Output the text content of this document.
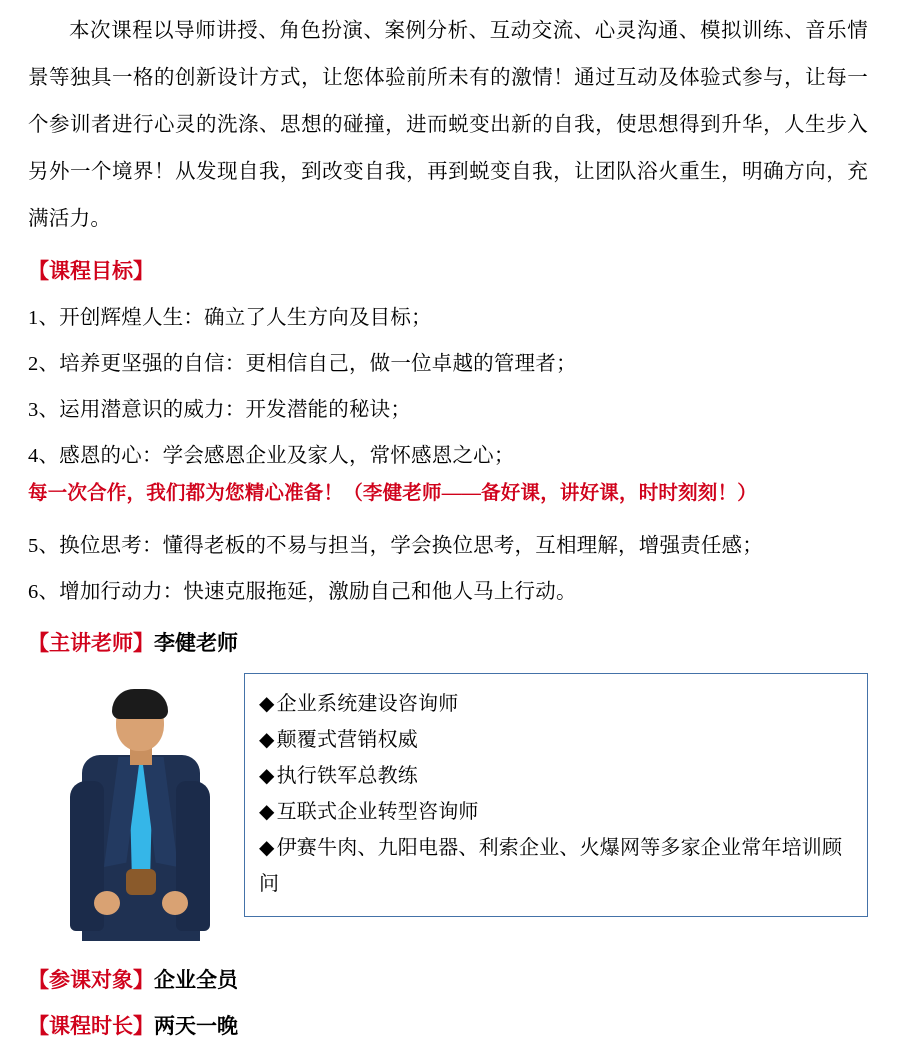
本次课程以导师讲授、角色扮演、案例分析、互动交流、心灵沟通、模拟训练、音乐情景等独具一格的创新设计方式，让您体验前所未有的激情！通过互动及体验式参与，让每一个参训者进行心灵的洗涤、思想的碰撞，进而蜕变出新的自我，使思想得到升华，人生步入另外一个境界！从发现自我，到改变自我，再到蜕变自我，让团队浴火重生，明确方向，充满活力。

【课程目标】

1、开创辉煌人生：确立了人生方向及目标；

2、培养更坚强的自信：更相信自己，做一位卓越的管理者；

3、运用潜意识的威力：开发潜能的秘诀；

4、感恩的心：学会感恩企业及家人，常怀感恩之心；

每一次合作，我们都为您精心准备！（李健老师——备好课，讲好课，时时刻刻！）

5、换位思考：懂得老板的不易与担当，学会换位思考，互相理解，增强责任感；

6、增加行动力：快速克服拖延，激励自己和他人马上行动。

【主讲老师】李健老师
◆ 企业系统建设咨询师
◆ 颠覆式营销权威
◆ 执行铁军总教练
◆ 互联式企业转型咨询师
◆ 伊赛牛肉、九阳电器、利索企业、火爆网等多家企业常年培训顾问
【参课对象】企业全员
【课程时长】两天一晚
